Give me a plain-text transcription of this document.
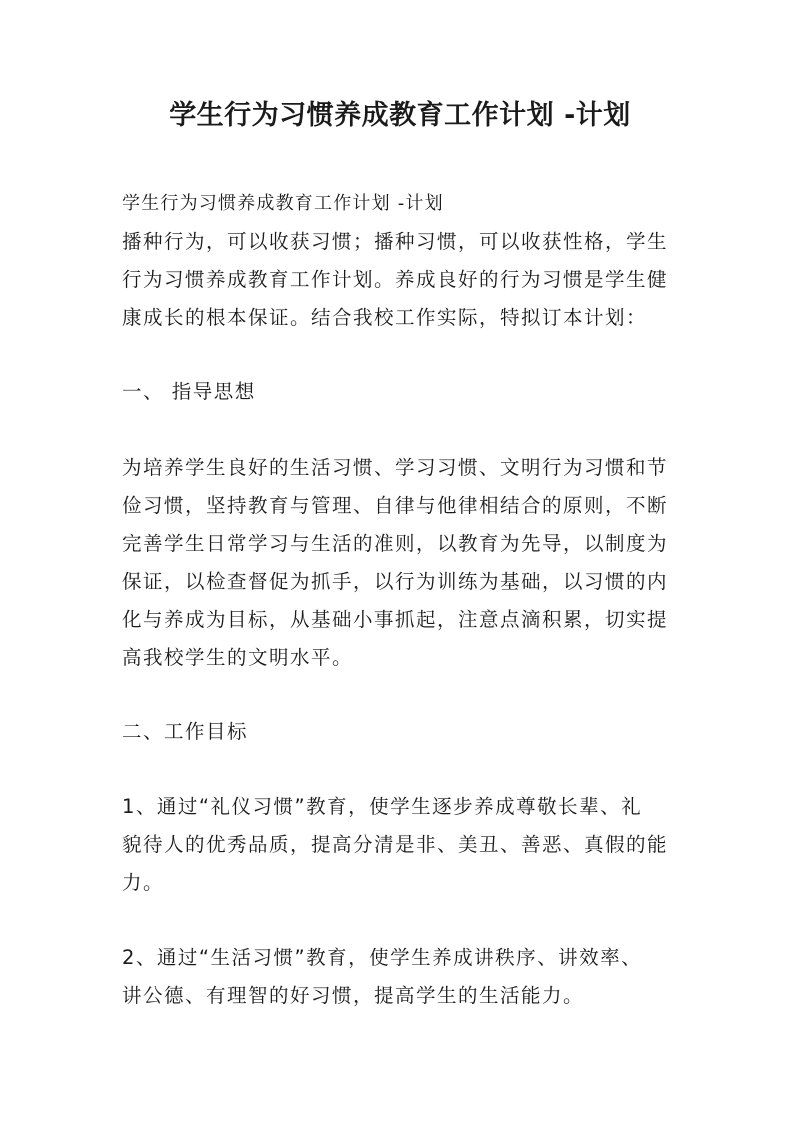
学生行为习惯养成教育工作计划 -计划
学生行为习惯养成教育工作计划 -计划
播种行为，可以收获习惯；播种习惯，可以收获性格，学生
行为习惯养成教育工作计划。养成良好的行为习惯是学生健
康成长的根本保证。结合我校工作实际，特拟订本计划：
一、 指导思想
为培养学生良好的生活习惯、学习习惯、文明行为习惯和节
俭习惯，坚持教育与管理、自律与他律相结合的原则，不断
完善学生日常学习与生活的准则，以教育为先导，以制度为
保证，以检查督促为抓手，以行为训练为基础，以习惯的内
化与养成为目标，从基础小事抓起，注意点滴积累，切实提
高我校学生的文明水平。
二、工作目标
1、通过“礼仪习惯”教育，使学生逐步养成尊敬长辈、礼
貌待人的优秀品质，提高分清是非、美丑、善恶、真假的能
力。
2、通过“生活习惯”教育，使学生养成讲秩序、讲效率、
讲公德、有理智的好习惯，提高学生的生活能力。
